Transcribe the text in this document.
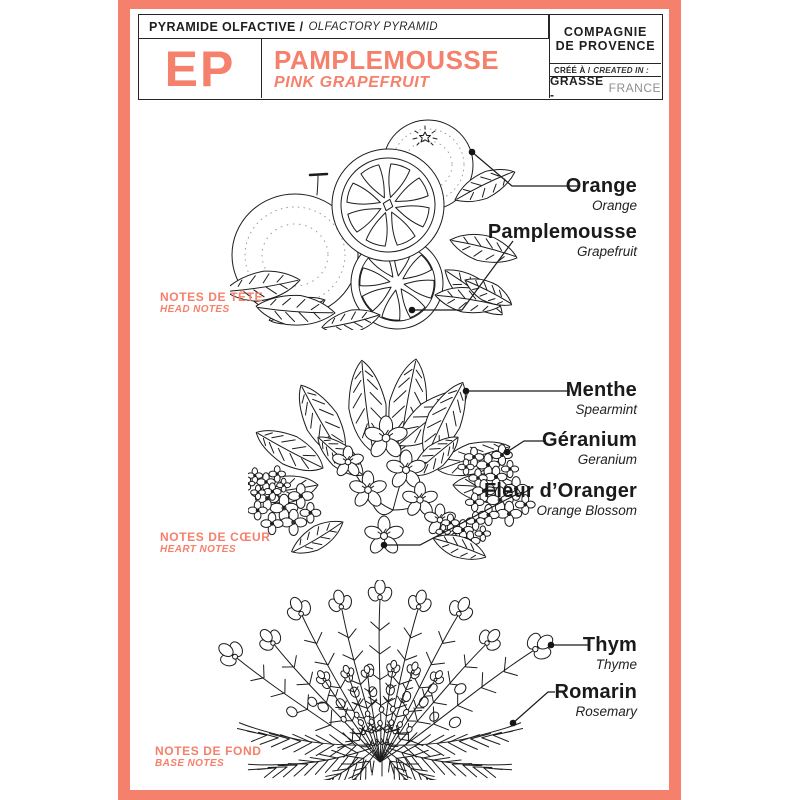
PYRAMIDE OLFACTIVE / OLFACTORY PYRAMID
EP	PAMPLEMOUSSE
PINK GRAPEFRUIT
COMPAGNIE
DE PROVENCE
CRÉÉ À / CREATED IN :
GRASSE -	FRANCE
NOTES DE TÊTE
HEAD NOTES
NOTES DE CŒUR
HEART NOTES
NOTES DE FOND
BASE NOTES
Orange
Orange
Pamplemousse
Grapefruit
Menthe
Spearmint
Géranium
Geranium
Fleur d’Oranger
Orange Blossom
Thym
Thyme
Romarin
Rosemary
